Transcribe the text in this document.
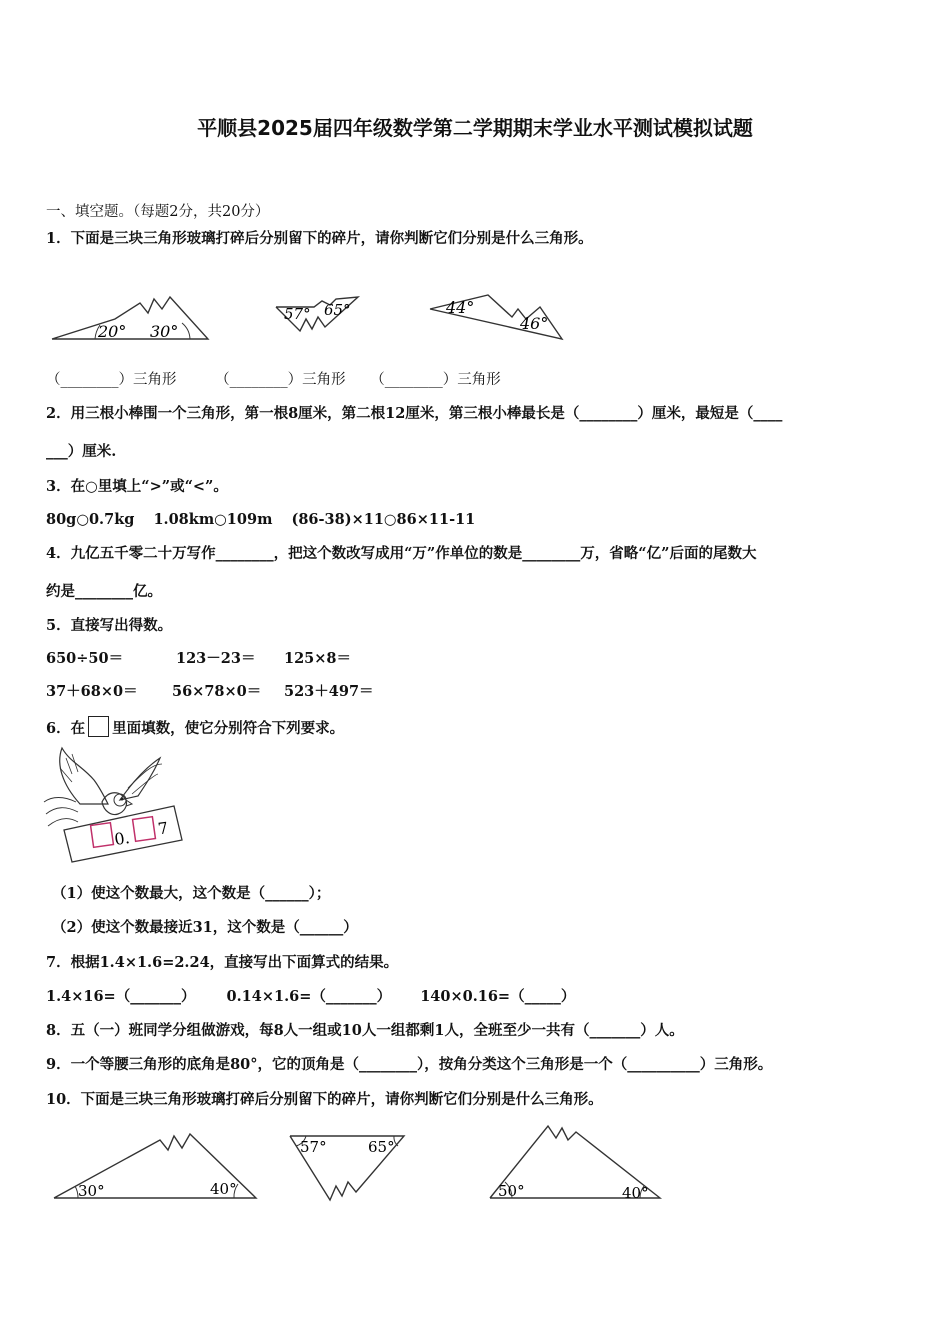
平顺县2025届四年级数学第二学期期末学业水平测试模拟试题
一、填空题。（每题2分，共20分）
1．下面是三块三角形玻璃打碎后分别留下的碎片，请你判断它们分别是什么三角形。
20° 30°
57° 65°	44°
46°
（________）三角形	（________）三角形 （________）三角形
2．用三根小棒围一个三角形，第一根8厘米，第二根12厘米，第三根小棒最长是（________）厘米，最短是（____
___）厘米.
3．在○里填上“>”或“<”。
80g○0.7kg 1.08km○109m (86-38)×11○86×11-11
4．九亿五千零二十万写作________，把这个数改写成用“万”作单位的数是________万，省略“亿”后面的尾数大
约是________亿。
5．直接写出得数。
650÷50＝	123－23＝ 125×8＝
37＋68×0＝ 56×78×0＝ 523＋497＝
6．在 里面填数，使它分别符合下列要求。
0. 7
（1）使这个数最大，这个数是（______）；
（2）使这个数最接近31，这个数是（______）
7．根据1.4×1.6=2.24，直接写出下面算式的结果。
1.4×16=（_______） 0.14×1.6=（_______） 140×0.16=（_____）
8．五（一）班同学分组做游戏，每8人一组或10人一组都剩1人，全班至少一共有（_______）人。
9．一个等腰三角形的底角是80°，它的顶角是（________），按角分类这个三角形是一个（__________）三角形。
10．下面是三块三角形玻璃打碎后分别留下的碎片，请你判断它们分别是什么三角形。
30°	40°
57°	65°
50°	40°
